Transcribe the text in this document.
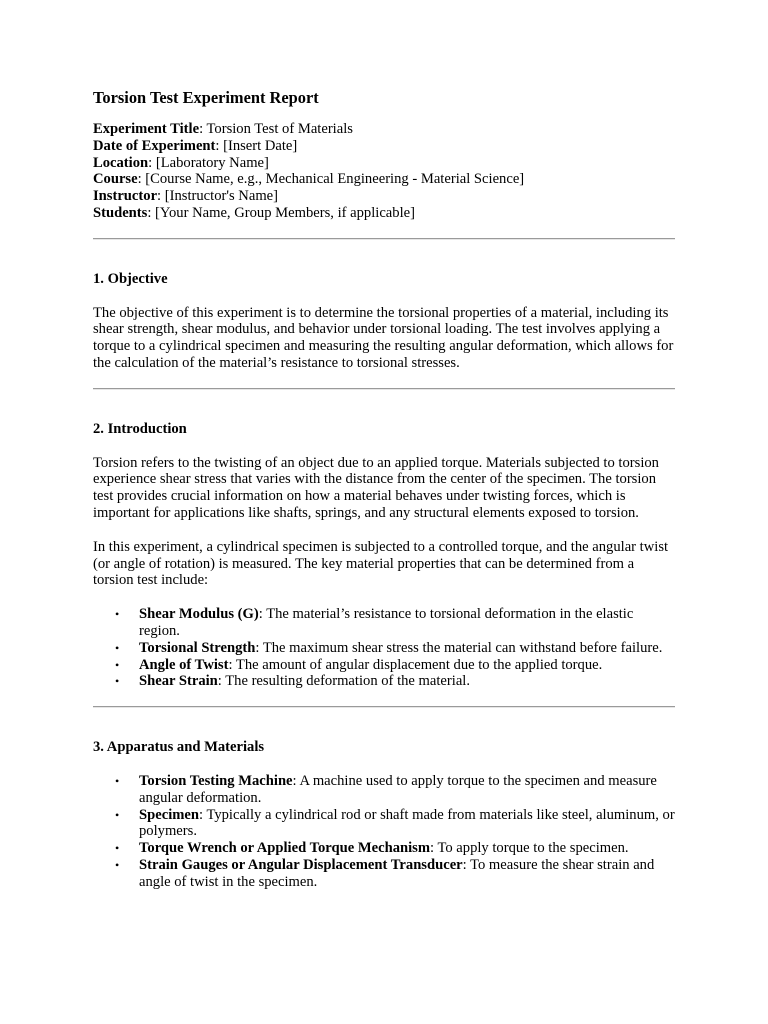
Torsion Test Experiment Report

Experiment Title: Torsion Test of Materials

Date of Experiment: [Insert Date]

Location: [Laboratory Name]

Course: [Course Name, e.g., Mechanical Engineering - Material Science]

Instructor: [Instructor's Name]

Students: [Your Name, Group Members, if applicable]

1. Objective

The objective of this experiment is to determine the torsional properties of a material, including its shear strength, shear modulus, and behavior under torsional loading. The test involves applying a torque to a cylindrical specimen and measuring the resulting angular deformation, which allows for the calculation of the material’s resistance to torsional stresses.

2. Introduction

Torsion refers to the twisting of an object due to an applied torque. Materials subjected to torsion experience shear stress that varies with the distance from the center of the specimen. The torsion test provides crucial information on how a material behaves under twisting forces, which is important for applications like shafts, springs, and any structural elements exposed to torsion.

In this experiment, a cylindrical specimen is subjected to a controlled torque, and the angular twist (or angle of rotation) is measured. The key material properties that can be determined from a torsion test include:

• Shear Modulus (G): The material’s resistance to torsional deformation in the elastic region.
• Torsional Strength: The maximum shear stress the material can withstand before failure.
• Angle of Twist: The amount of angular displacement due to the applied torque.
• Shear Strain: The resulting deformation of the material.
3. Apparatus and Materials
• Torsion Testing Machine: A machine used to apply torque to the specimen and measure angular deformation.
• Specimen: Typically a cylindrical rod or shaft made from materials like steel, aluminum, or polymers.
• Torque Wrench or Applied Torque Mechanism: To apply torque to the specimen.
• Strain Gauges or Angular Displacement Transducer: To measure the shear strain and angle of twist in the specimen.
